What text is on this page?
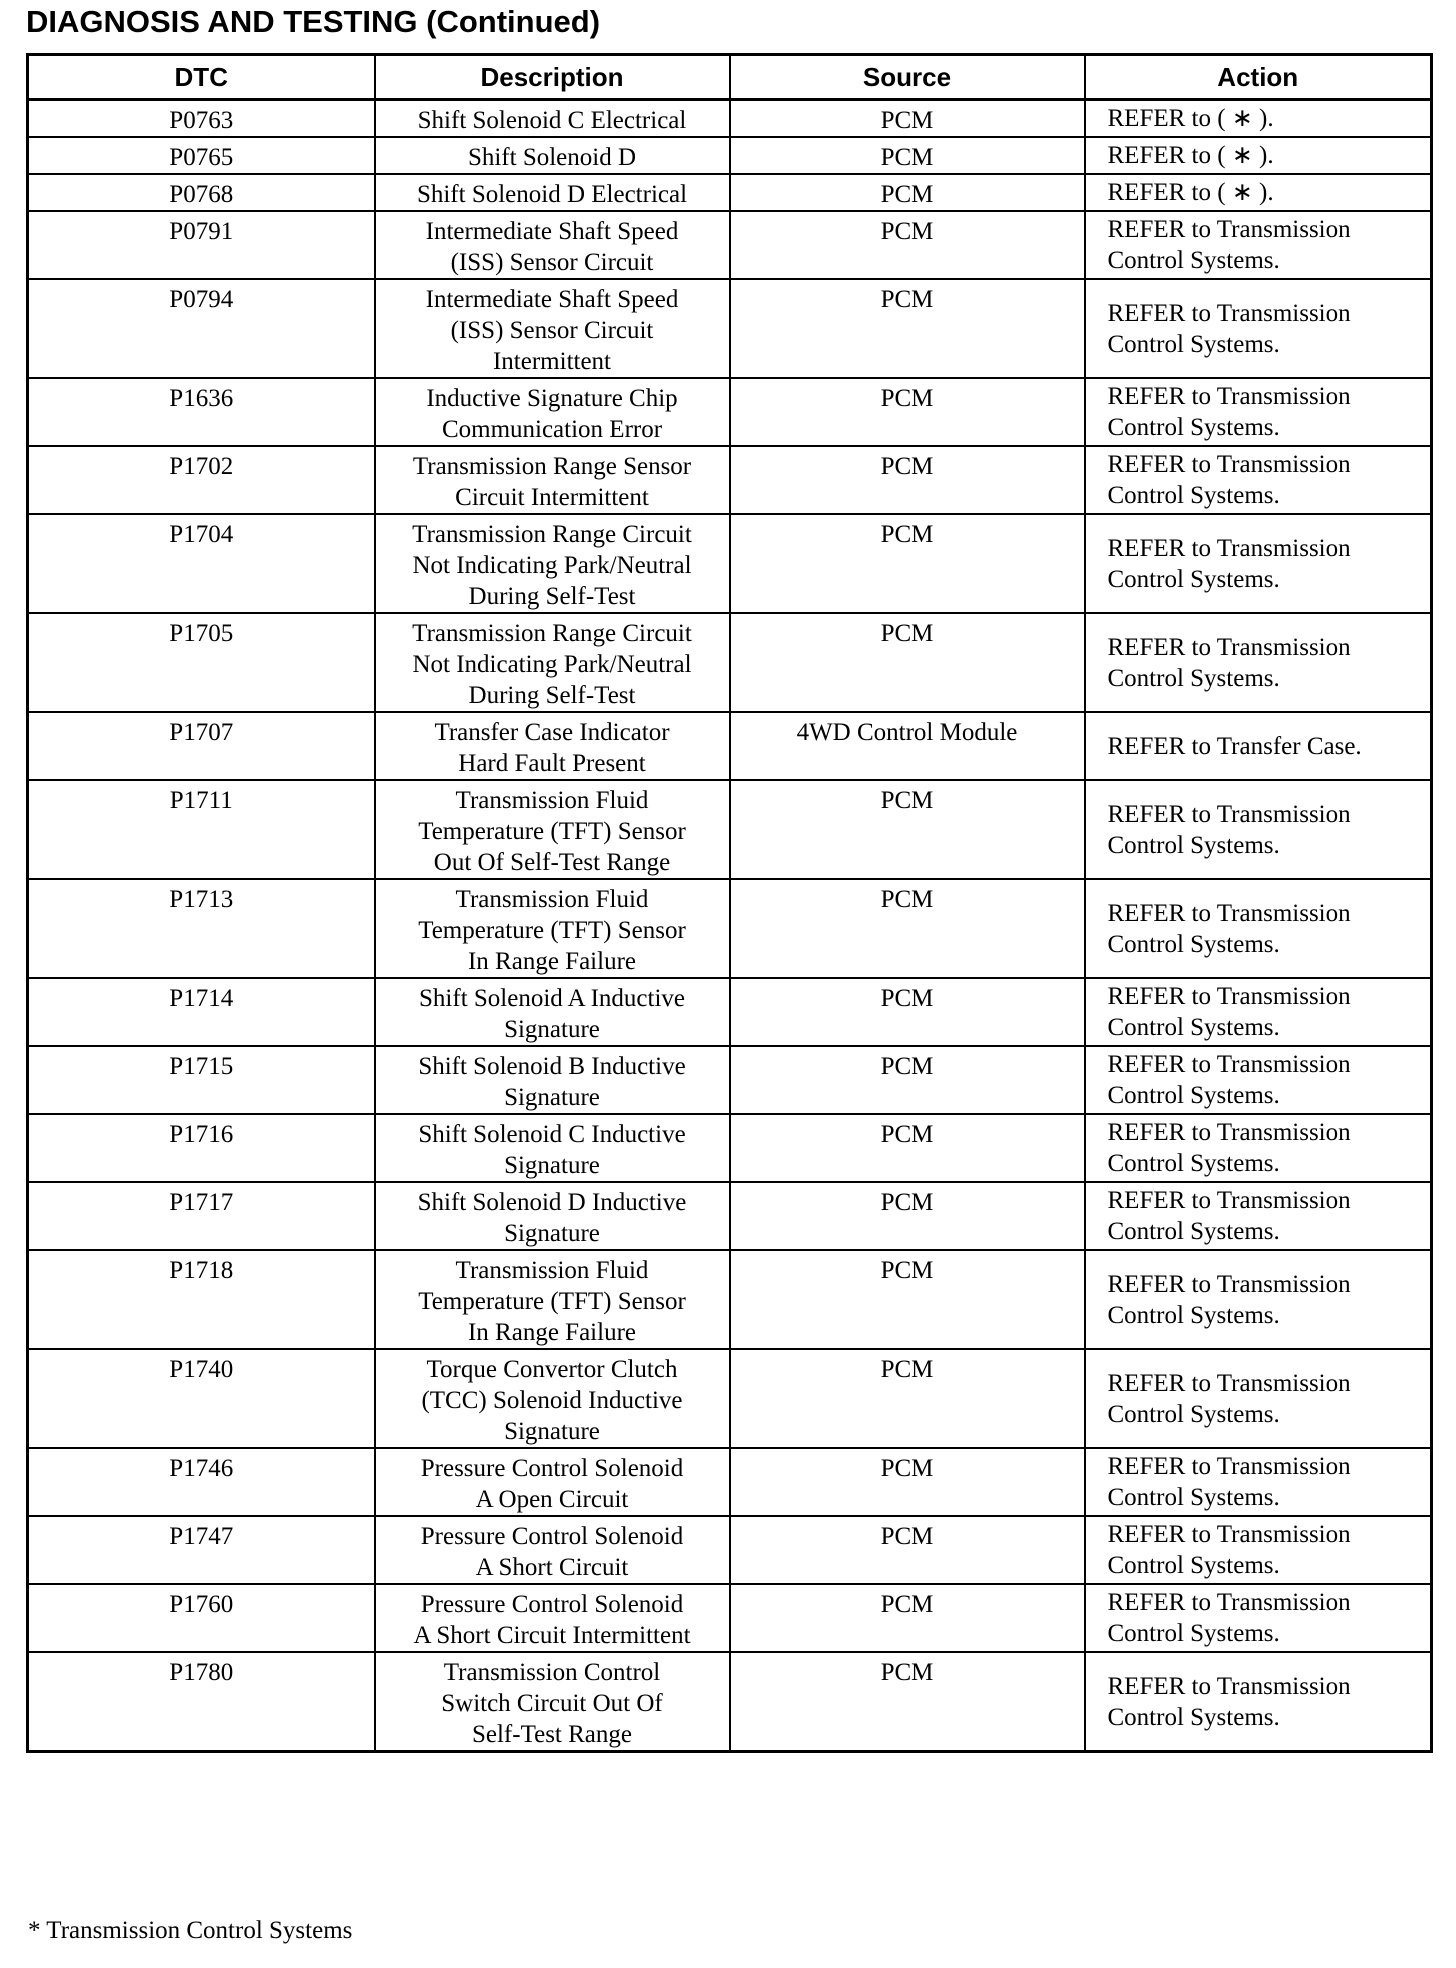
DIAGNOSIS AND TESTING (Continued)
DTC	Description	Source	Action
P0763	Shift Solenoid C Electrical	PCM	REFER to ( ∗ ).
P0765	Shift Solenoid D	PCM	REFER to ( ∗ ).
P0768	Shift Solenoid D Electrical	PCM	REFER to ( ∗ ).
P0791	Intermediate Shaft Speed
(ISS) Sensor Circuit	PCM	REFER to Transmission
Control Systems.
P0794	Intermediate Shaft Speed
(ISS) Sensor Circuit
Intermittent	PCM	REFER to Transmission
Control Systems.
P1636	Inductive Signature Chip
Communication Error	PCM	REFER to Transmission
Control Systems.
P1702	Transmission Range Sensor
Circuit Intermittent	PCM	REFER to Transmission
Control Systems.
P1704	Transmission Range Circuit
Not Indicating Park/Neutral
During Self-Test	PCM	REFER to Transmission
Control Systems.
P1705	Transmission Range Circuit
Not Indicating Park/Neutral
During Self-Test	PCM	REFER to Transmission
Control Systems.
P1707	Transfer Case Indicator
Hard Fault Present	4WD Control Module	REFER to Transfer Case.
P1711	Transmission Fluid
Temperature (TFT) Sensor
Out Of Self-Test Range	PCM	REFER to Transmission
Control Systems.
P1713	Transmission Fluid
Temperature (TFT) Sensor
In Range Failure	PCM	REFER to Transmission
Control Systems.
P1714	Shift Solenoid A Inductive
Signature	PCM	REFER to Transmission
Control Systems.
P1715	Shift Solenoid B Inductive
Signature	PCM	REFER to Transmission
Control Systems.
P1716	Shift Solenoid C Inductive
Signature	PCM	REFER to Transmission
Control Systems.
P1717	Shift Solenoid D Inductive
Signature	PCM	REFER to Transmission
Control Systems.
P1718	Transmission Fluid
Temperature (TFT) Sensor
In Range Failure	PCM	REFER to Transmission
Control Systems.
P1740	Torque Convertor Clutch
(TCC) Solenoid Inductive
Signature	PCM	REFER to Transmission
Control Systems.
P1746	Pressure Control Solenoid
A Open Circuit	PCM	REFER to Transmission
Control Systems.
P1747	Pressure Control Solenoid
A Short Circuit	PCM	REFER to Transmission
Control Systems.
P1760	Pressure Control Solenoid
A Short Circuit Intermittent	PCM	REFER to Transmission
Control Systems.
P1780	Transmission Control
Switch Circuit Out Of
Self-Test Range	PCM	REFER to Transmission
Control Systems.
* Transmission Control Systems
